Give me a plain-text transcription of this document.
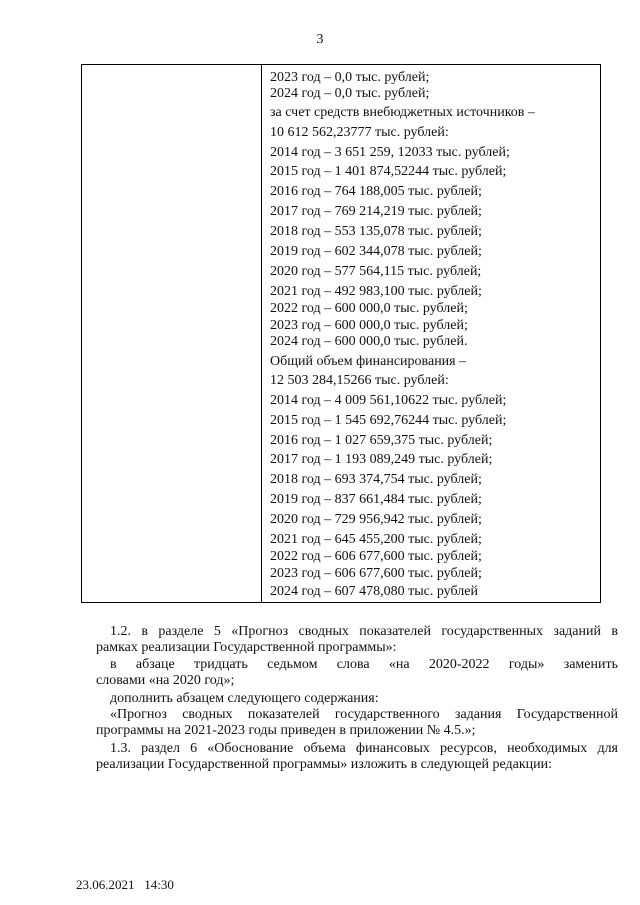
3
2023 год – 0,0 тыс. рублей;
2024 год – 0,0 тыс. рублей;
за счет средств внебюджетных источников –
10 612 562,23777 тыс. рублей:
2014 год – 3 651 259, 12033 тыс. рублей;
2015 год – 1 401 874,52244 тыс. рублей;
2016 год – 764 188,005 тыс. рублей;
2017 год – 769 214,219 тыс. рублей;
2018 год – 553 135,078 тыс. рублей;
2019 год – 602 344,078 тыс. рублей;
2020 год – 577 564,115 тыс. рублей;
2021 год – 492 983,100 тыс. рублей;
2022 год – 600 000,0 тыс. рублей;
2023 год – 600 000,0 тыс. рублей;
2024 год – 600 000,0 тыс. рублей.
Общий объем финансирования –
12 503 284,15266 тыс. рублей:
2014 год – 4 009 561,10622 тыс. рублей;
2015 год – 1 545 692,76244 тыс. рублей;
2016 год – 1 027 659,375 тыс. рублей;
2017 год – 1 193 089,249 тыс. рублей;
2018 год – 693 374,754 тыс. рублей;
2019 год – 837 661,484 тыс. рублей;
2020 год – 729 956,942 тыс. рублей;
2021 год – 645 455,200 тыс. рублей;
2022 год – 606 677,600 тыс. рублей;
2023 год – 606 677,600 тыс. рублей;
2024 год – 607 478,080 тыс. рублей
1.2. в разделе 5 «Прогноз сводных показателей государственных заданий в
рамках реализации Государственной программы»:
в абзаце тридцать седьмом слова «на 2020-2022 годы» заменить
словами «на 2020 год»;
дополнить абзацем следующего содержания:
«Прогноз сводных показателей государственного задания Государственной
программы на 2021-2023 годы приведен в приложении № 4.5.»;
1.3. раздел 6 «Обоснование объема финансовых ресурсов, необходимых для
реализации Государственной программы» изложить в следующей редакции:
23.06.2021 14:30
